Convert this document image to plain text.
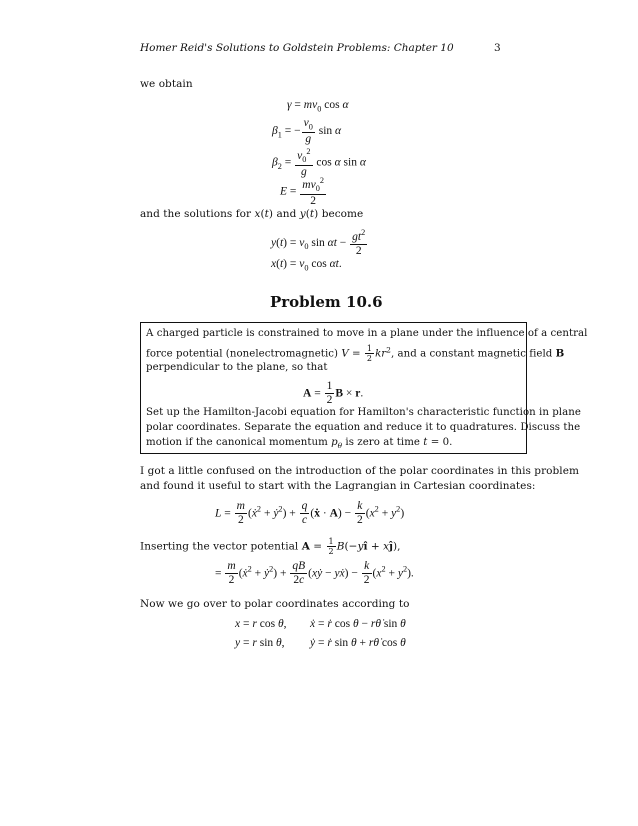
Homer Reid's Solutions to Goldstein Problems: Chapter 10	3
we obtain
$\gamma = mv_0$ cos α
$\beta_1$ = − $\frac{v_0}{g}$ sin α
$\beta_2 = \frac{v_0^2}{g}$ cos α sin α
$E = \frac{mv_0^2}{2}$
and the solutions for x(t) and y(t) become
$y(t) = v_0$ $\sin \alpha t - \frac{gt^2}{2}$
$x(t) = v_0$ cos αt.
Problem 10.6
A charged particle is constrained to move in a plane under the influence of a central
force potential (nonelectromagnetic) $V = \frac{1}{2} kr^2$, and a constant magnetic field B
perpendicular to the plane, so that
$A = \frac{1}{2}$ B × r.
Set up the Hamilton-Jacobi equation for Hamilton's characteristic function in plane
polar coordinates. Separate the equation and reduce it to quadratures. Discuss the
motion if the canonical momentum $p_\theta$ is zero at time t = 0.
I got a little confused on the introduction of the polar coordinates in this problem
and found it useful to start with the Lagrangian in Cartesian coordinates:
$L = \frac{m}{2}$ (ẋ$^2$ + ẏ$^2$) + $\frac{q}{c}$ (ẋ · $A) - \frac{k}{2} (x^2 + y^2)$
Inserting the vector potential $A = \frac{1}{2}$ B(−yî + xĵ),
= $\frac{m}{2}$ (ẋ$^2$ + ẏ$^2$) + $\frac{qB}{2c}$ (xẏ − yẋ) − $\frac{k}{2} (x^2 + y^2)$.
Now we go over to polar coordinates according to
x = r cos θ, ẋ = ṙ cos θ − rθ̇ sin θ
y = r sin θ, ẏ = ṙ sin θ + rθ̇ cos θ
